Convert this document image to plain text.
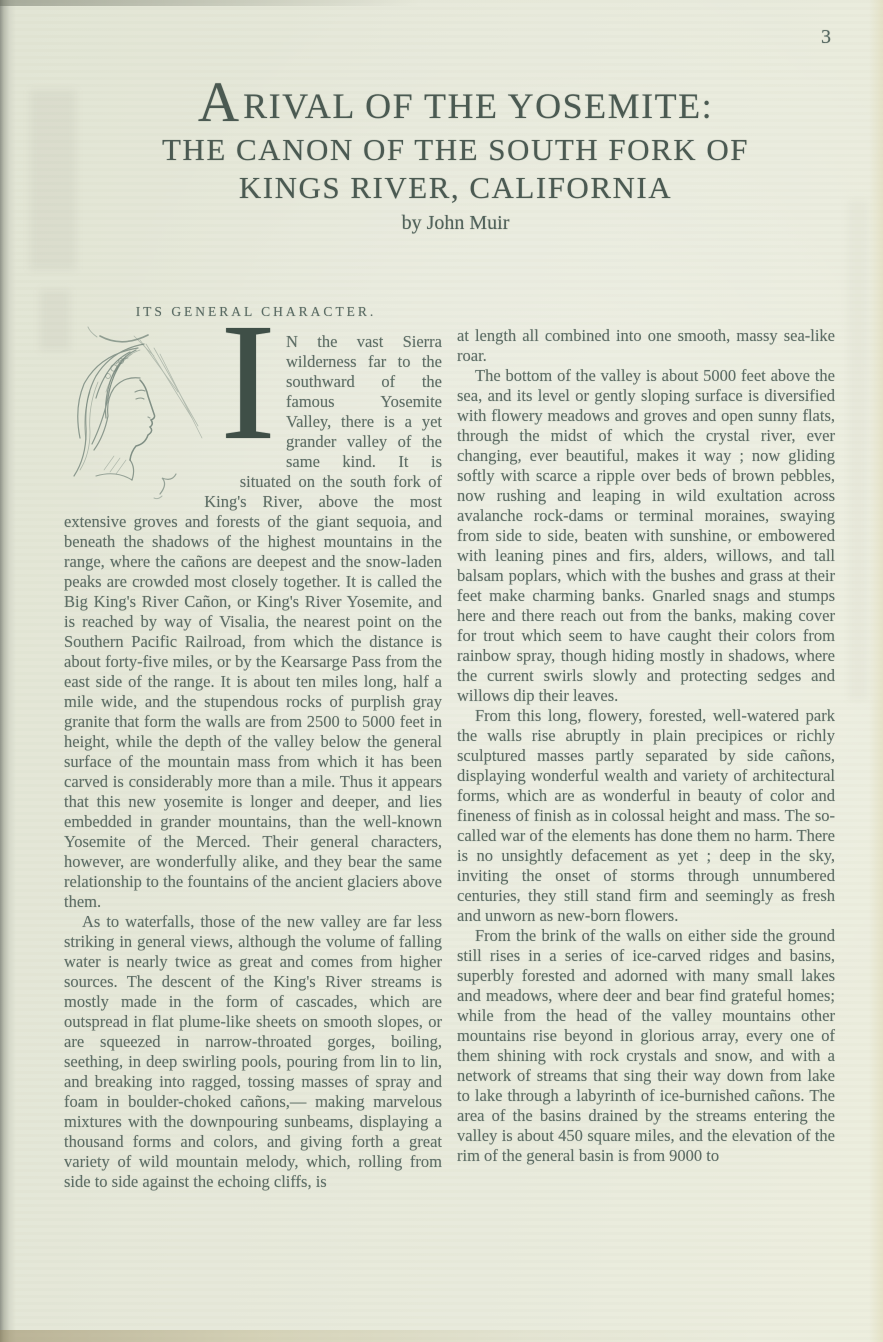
3
ARIVAL OF THE YOSEMITE:
THE CANON OF THE SOUTH FORK OF
KINGS RIVER, CALIFORNIA
by John Muir
ITS GENERAL CHARACTER.

I N the vast Sierra wilderness far to the southward of the famous Yosemite Valley, there is a yet grander valley of the same kind. It is situated on the south fork of King's River, above the most extensive groves and forests of the giant sequoia, and beneath the shadows of the highest mountains in the range, where the cañons are deepest and the snow-laden peaks are crowded most closely together. It is called the Big King's River Cañon, or King's River Yosemite, and is reached by way of Visalia, the nearest point on the Southern Pacific Railroad, from which the distance is about forty-five miles, or by the Kearsarge Pass from the east side of the range. It is about ten miles long, half a mile wide, and the stupendous rocks of purplish gray granite that form the walls are from 2500 to 5000 feet in height, while the depth of the valley below the general surface of the mountain mass from which it has been carved is considerably more than a mile. Thus it appears that this new yosemite is longer and deeper, and lies embedded in grander mountains, than the well-known Yosemite of the Merced. Their general characters, however, are wonderfully alike, and they bear the same relationship to the fountains of the ancient glaciers above them.

As to waterfalls, those of the new valley are far less striking in general views, although the volume of falling water is nearly twice as great and comes from higher sources. The descent of the King's River streams is mostly made in the form of cascades, which are outspread in flat plume-like sheets on smooth slopes, or are squeezed in narrow-throated gorges, boiling, seething, in deep swirling pools, pouring from lin to lin, and breaking into ragged, tossing masses of spray and foam in boulder-choked cañons,— making marvelous mixtures with the downpouring sunbeams, displaying a thousand forms and colors, and giving forth a great variety of wild mountain melody, which, rolling from side to side against the echoing cliffs, is

at length all combined into one smooth, massy sea-like roar.

The bottom of the valley is about 5000 feet above the sea, and its level or gently sloping surface is diversified with flowery meadows and groves and open sunny flats, through the midst of which the crystal river, ever changing, ever beautiful, makes it way ; now gliding softly with scarce a ripple over beds of brown pebbles, now rushing and leaping in wild exultation across avalanche rock-dams or terminal moraines, swaying from side to side, beaten with sunshine, or embowered with leaning pines and firs, alders, willows, and tall balsam poplars, which with the bushes and grass at their feet make charming banks. Gnarled snags and stumps here and there reach out from the banks, making cover for trout which seem to have caught their colors from rainbow spray, though hiding mostly in shadows, where the current swirls slowly and protecting sedges and willows dip their leaves.

From this long, flowery, forested, well-watered park the walls rise abruptly in plain precipices or richly sculptured masses partly separated by side cañons, displaying wonderful wealth and variety of architectural forms, which are as wonderful in beauty of color and fineness of finish as in colossal height and mass. The so-called war of the elements has done them no harm. There is no unsightly defacement as yet ; deep in the sky, inviting the onset of storms through unnumbered centuries, they still stand firm and seemingly as fresh and unworn as new-born flowers.

From the brink of the walls on either side the ground still rises in a series of ice-carved ridges and basins, superbly forested and adorned with many small lakes and meadows, where deer and bear find grateful homes; while from the head of the valley mountains other mountains rise beyond in glorious array, every one of them shining with rock crystals and snow, and with a network of streams that sing their way down from lake to lake through a labyrinth of ice-burnished cañons. The area of the basins drained by the streams entering the valley is about 450 square miles, and the elevation of the rim of the general basin is from 9000 to
